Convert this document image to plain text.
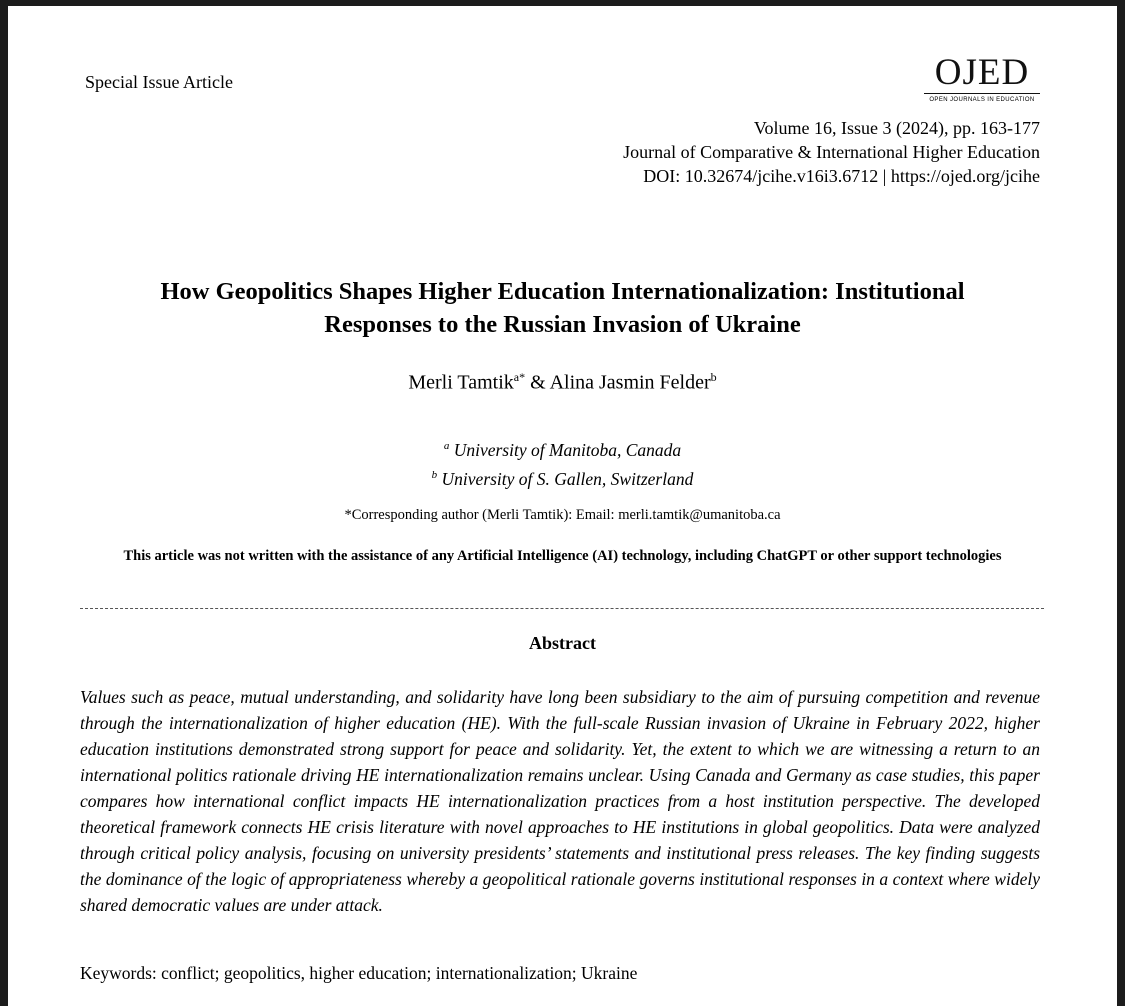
Special Issue Article	OJED
OPEN JOURNALS IN EDUCATION
Volume 16, Issue 3 (2024), pp. 163-177
Journal of Comparative & International Higher Education
DOI: 10.32674/jcihe.v16i3.6712 | https://ojed.org/jcihe
How Geopolitics Shapes Higher Education Internationalization: Institutional
Responses to the Russian Invasion of Ukraine
Merli Tamtik$^{a*}$ & Alina Jasmin Felder$^b$
$^a$ University of Manitoba, Canada
$^b$ University of S. Gallen, Switzerland
*Corresponding author (Merli Tamtik): Email: merli.tamtik@umanitoba.ca
This article was not written with the assistance of any Artificial Intelligence (AI) technology, including ChatGPT or other support technologies
Abstract
Values such as peace, mutual understanding, and solidarity have long been subsidiary to the aim of pursuing competition and revenue through the internationalization of higher education (HE). With the full-scale Russian invasion of Ukraine in February 2022, higher education institutions demonstrated strong support for peace and solidarity. Yet, the extent to which we are witnessing a return to an international politics rationale driving HE internationalization remains unclear. Using Canada and Germany as case studies, this paper compares how international conflict impacts HE internationalization practices from a host institution perspective. The developed theoretical framework connects HE crisis literature with novel approaches to HE institutions in global geopolitics. Data were analyzed through critical policy analysis, focusing on university presidents’ statements and institutional press releases. The key finding suggests the dominance of the logic of appropriateness whereby a geopolitical rationale governs institutional responses in a context where widely shared democratic values are under attack.
Keywords: conflict; geopolitics, higher education; internationalization; Ukraine
